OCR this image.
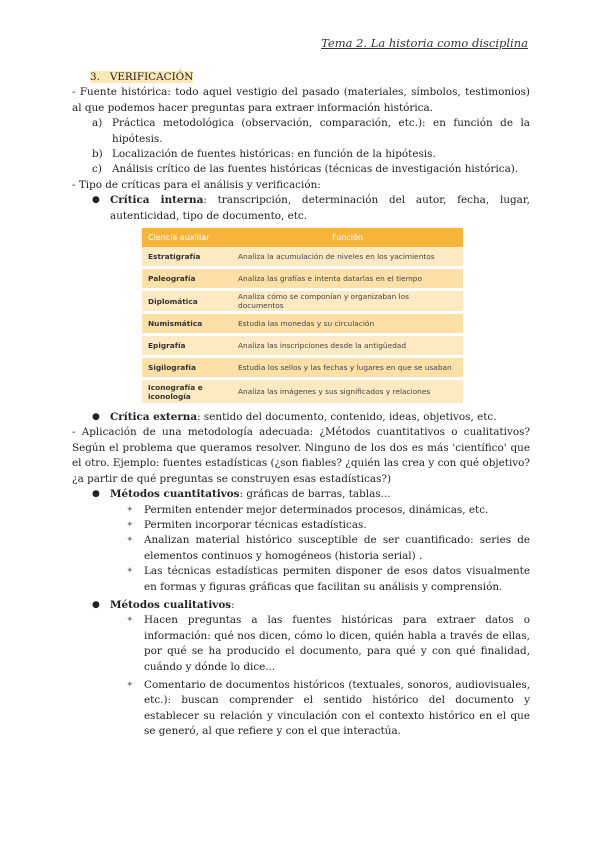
Tema 2. La historia como disciplina

3. VERIFICACIÓN

- Fuente histórica: todo aquel vestigio del pasado (materiales, símbolos, testimonios) al que podemos hacer preguntas para extraer información histórica.

a) Práctica metodológica (observación, comparación, etc.): en función de la hipótesis.
b) Localización de fuentes históricas: en función de la hipótesis.
c) Análisis crítico de las fuentes históricas (técnicas de investigación histórica).

- Tipo de críticas para el análisis y verificación:

● Crítica interna: transcripción, determinación del autor, fecha, lugar, autenticidad, tipo de documento, etc.
Ciencia auxiliar	Función
Estratigrafía	Analiza la acumulación de niveles en los yacimientos
Paleografía	Analiza las grafías e intenta datarlas en el tiempo
Diplomática	Analiza cómo se componían y organizaban los documentos
Numismática	Estudia las monedas y su circulación
Epigrafía	Analiza las inscripciones desde la antigüedad
Sigilografía	Estudia los sellos y las fechas y lugares en que se usaban
Iconografía e iconología	Analiza las imágenes y sus significados y relaciones
● Crítica externa: sentido del documento, contenido, ideas, objetivos, etc.

- Aplicación de una metodología adecuada: ¿Métodos cuantitativos o cualitativos? Según el problema que queramos resolver. Ninguno de los dos es más 'científico' que el otro. Ejemplo: fuentes estadísticas (¿son fiables? ¿quién las crea y con qué objetivo? ¿a partir de qué preguntas se construyen esas estadísticas?)

● Métodos cuantitativos: gráficas de barras, tablas...
✦	Permiten entender mejor determinados procesos, dinámicas, etc.
✦	Permiten incorporar técnicas estadísticas.
✦	Analizan material histórico susceptible de ser cuantificado: series de elementos continuos y homogéneos (historia serial) .
✦	Las técnicas estadísticas permiten disponer de esos datos visualmente en formas y figuras gráficas que facilitan su análisis y comprensión.
● Métodos cualitativos:
✦	Hacen preguntas a las fuentes históricas para extraer datos o información: qué nos dicen, cómo lo dicen, quién habla a través de ellas, por qué se ha producido el documento, para qué y con qué finalidad, cuándo y dónde lo dice...
✦	Comentario de documentos históricos (textuales, sonoros, audiovisuales, etc.): buscan comprender el sentido histórico del documento y establecer su relación y vinculación con el contexto histórico en el que se generó, al que refiere y con el que interactúa.
